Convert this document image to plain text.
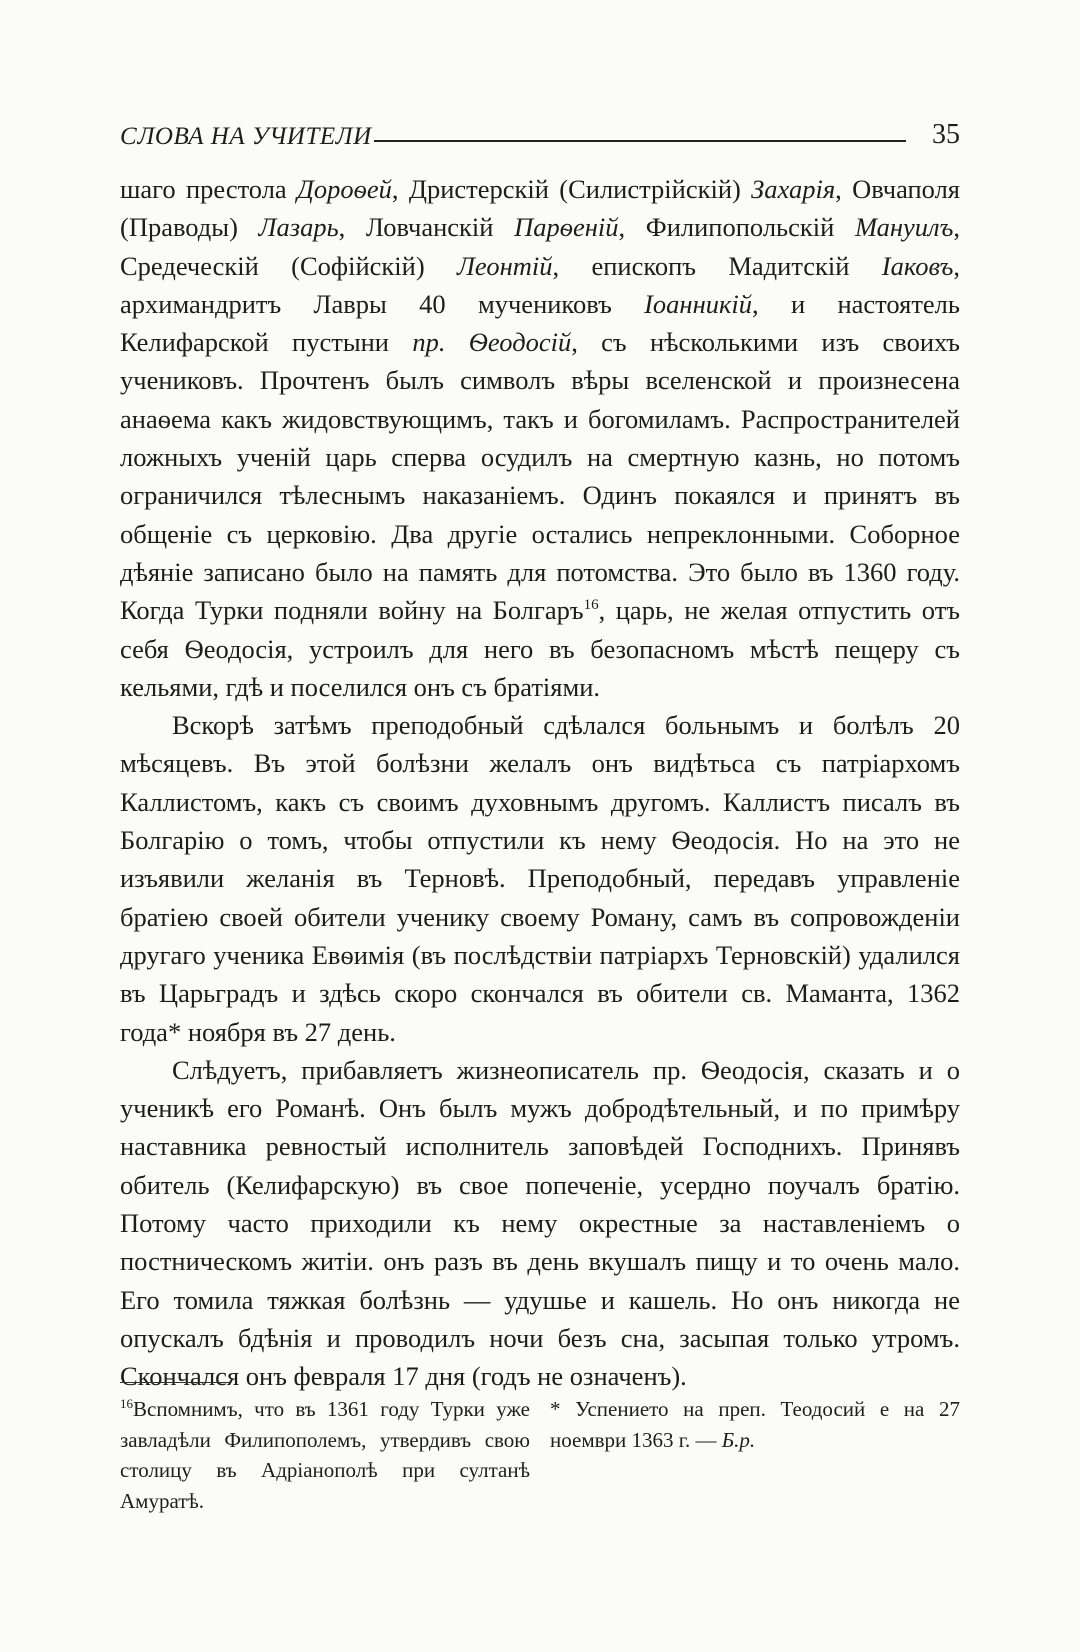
СЛОВА НА УЧИТЕЛИ	35

шаго престола Дороѳей, Дристерскій (Силистрійскій) Захарія, Овчаполя (Праводы) Лазарь, Ловчанскій Парѳеній, Филипопольскій Мануилъ, Средеческій (Софійскій) Леонтій, епископъ Мадитскій Іаковъ, архимандритъ Лавры 40 мучениковъ Іоанникій, и настоятель Келифарской пустыни пр. Ѳеодосій, съ нѣсколькими изъ своихъ учениковъ. Прочтенъ былъ символъ вѣры вселенской и произнесена анаѳема какъ жидовствующимъ, такъ и богомиламъ. Распространителей ложныхъ ученій царь сперва осудилъ на смертную казнь, но потомъ ограничился тѣлеснымъ наказаніемъ. Одинъ покаялся и принятъ въ общеніе съ церковію. Два другіе остались непреклонными. Соборное дѣяніе записано было на память для потомства. Это было въ 1360 году. Когда Турки подняли войну на Болгаръ$^{16}$, царь, не желая отпустить отъ себя Ѳеодосія, устроилъ для него въ безопасномъ мѣстѣ пещеру съ кельями, гдѣ и поселился онъ съ братіями.

Вскорѣ затѣмъ преподобный сдѣлался больнымъ и болѣлъ 20 мѣсяцевъ. Въ этой болѣзни желалъ онъ видѣтьса съ патріархомъ Каллистомъ, какъ съ своимъ духовнымъ другомъ. Каллистъ писалъ въ Болгарію о томъ, чтобы отпустили къ нему Ѳеодосія. Но на это не изъявили желанія въ Терновѣ. Преподобный, передавъ управленіе братіею своей обители ученику своему Роману, самъ въ сопровожденіи другаго ученика Евѳимія (въ послѣдствіи патріархъ Терновскій) удалился въ Царьградъ и здѣсь скоро скончался въ обители св. Маманта, 1362 года* ноября въ 27 день.

Слѣдуетъ, прибавляетъ жизнеописатель пр. Ѳеодосія, сказать и о ученикѣ его Романѣ. Онъ былъ мужъ добродѣтельный, и по примѣру наставника ревностый исполнитель заповѣдей Господнихъ. Принявъ обитель (Келифарскую) въ свое попеченіе, усердно поучалъ братію. Потому часто приходили къ нему окрестные за наставленіемъ о постническомъ житіи. онъ разъ въ день вкушалъ пищу и то очень мало. Его томила тяжкая болѣзнь — удушье и кашель. Но онъ никогда не опускалъ бдѣнія и проводилъ ночи безъ сна, засыпая только утромъ. Скончался онъ февраля 17 дня (годъ не означенъ).

$^{16}$Вспомнимъ, что въ 1361 году Турки уже завладѣли Филипополемъ, утвердивъ свою столицу въ Адріанополѣ при султанѣ Амуратѣ.
* Успението на преп. Теодосий е на 27 ноември 1363 г. — Б.р.
